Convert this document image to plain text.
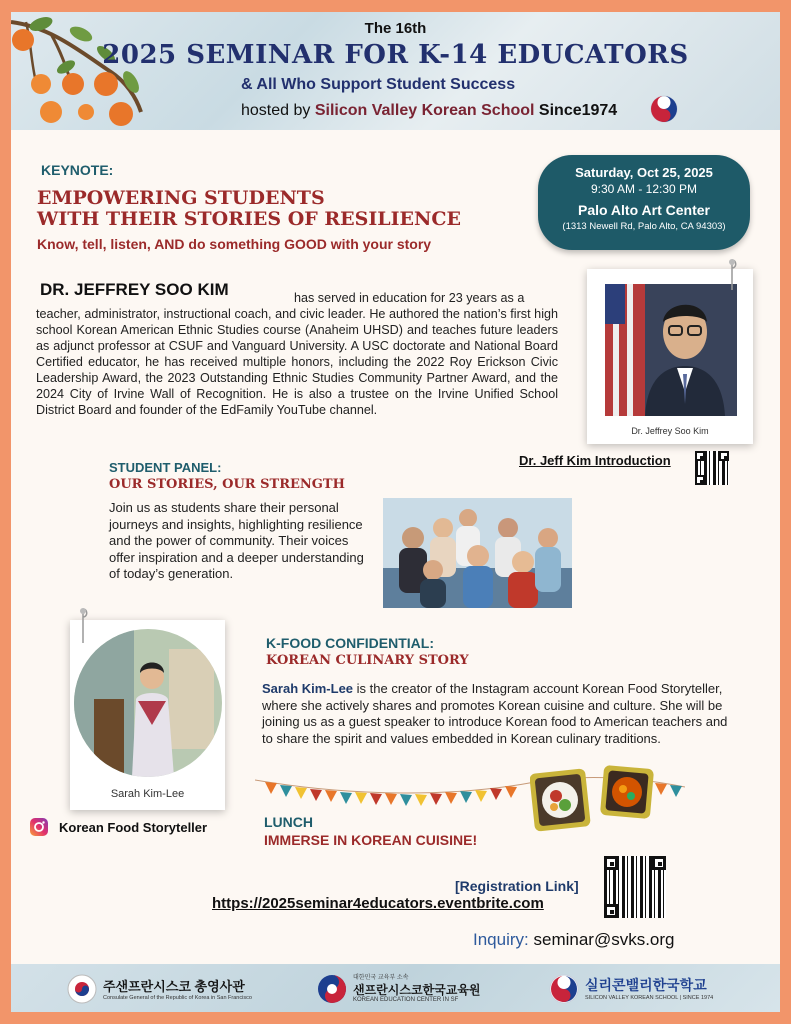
The 16th
2025 SEMINAR FOR K-14 EDUCATORS
& All Who Support Student Success
hosted by Silicon Valley Korean School Since1974
KEYNOTE:
EMPOWERING STUDENTS
WITH THEIR STORIES OF RESILIENCE
Know, tell, listen, AND do something GOOD with your story
Saturday, Oct 25, 2025
9:30 AM - 12:30 PM
Palo Alto Art Center
(1313 Newell Rd, Palo Alto, CA 94303)
DR. JEFFREY SOO KIM	has served in education for 23 years as a
teacher, administrator, instructional coach, and civic leader. He authored the nation’s first high school Korean American Ethnic Studies course (Anaheim UHSD) and teaches future leaders as adjunct professor at CSUF and Vanguard University. A USC doctorate and National Board Certified educator, he has received multiple honors, including the 2022 Roy Erickson Civic Leadership Award, the 2023 Outstanding Ethnic Studies Community Partner Award, and the 2024 City of Irvine Wall of Recognition. He is also a trustee on the Irvine Unified School District Board and founder of the EdFamily YouTube channel.
Dr. Jeffrey Soo Kim
Dr. Jeff Kim Introduction
STUDENT PANEL:
OUR STORIES, OUR STRENGTH
Join us as students share their personal journeys and insights, highlighting resilience and the power of community. Their voices offer inspiration and a deeper understanding of today’s generation.
K-FOOD CONFIDENTIAL:
KOREAN CULINARY STORY
Sarah Kim-Lee is the creator of the Instagram account Korean Food Storyteller, where she actively shares and promotes Korean cuisine and culture. She will be joining us as a guest speaker to introduce Korean food to American teachers and to share the spirit and values embedded in Korean culinary traditions.
Sarah Kim-Lee
Korean Food Storyteller	LUNCH
IMMERSE IN KOREAN CUISINE!
[Registration Link]
https://2025seminar4educators.eventbrite.com
Inquiry: seminar@svks.org
주샌프란시스코 총영사관
Consulate General of the Republic of Korea in San Francisco
대한민국 교육부 소속
샌프란시스코한국교육원
KOREAN EDUCATION CENTER IN SF
실리콘밸리한국학교
SILICON VALLEY KOREAN SCHOOL | SINCE 1974
